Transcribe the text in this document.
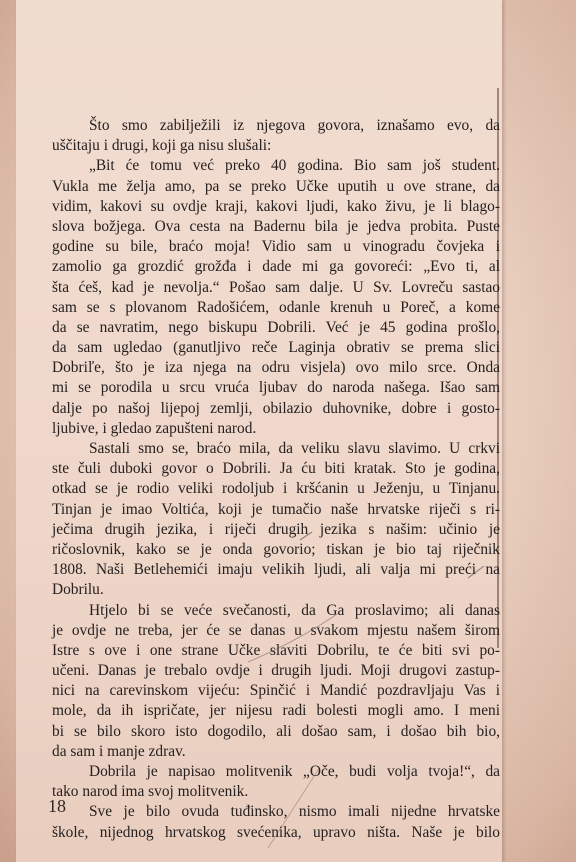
Što smo zabilježili iz njegova govora, iznašamo evo, da
uščitaju i drugi, koji ga nisu slušali:
„Bit će tomu već preko 40 godina. Bio sam još student.
Vukla me želja amo, pa se preko Učke uputih u ove strane, da
vidim, kakovi su ovdje kraji, kakovi ljudi, kako živu, je li blago-
slova božjega. Ova cesta na Badernu bila je jedva probita. Puste
godine su bile, braćo moja! Vidio sam u vinogradu čovjeka i
zamolio ga grozdić grožđa i dade mi ga govoreći: „Evo ti, al
šta ćeš, kad je nevolja.“ Pošao sam dalje. U Sv. Lovreču sastao
sam se s plovanom Radošićem, odanle krenuh u Poreč, a kome
da se navratim, nego biskupu Dobrili. Već je 45 godina prošlo,
da sam ugledao (ganutljivo reče Laginja obrativ se prema slici
Dobriľe, što je iza njega na odru visjela) ovo milo srce. Onda
mi se porodila u srcu vruća ljubav do naroda našega. Išao sam
dalje po našoj lijepoj zemlji, obilazio duhovnike, dobre i gosto-
ljubive, i gledao zapušteni narod.
Sastali smo se, braćo mila, da veliku slavu slavimo. U crkvi
ste čuli duboki govor o Dobrili. Ja ću biti kratak. Sto je godina,
otkad se je rodio veliki rodoljub i kršćanin u Ježenju, u Tinjanu.
Tinjan je imao Voltića, koji je tumačio naše hrvatske riječi s ri-
ječima drugih jezika, i riječi drugih jezika s našim: učinio je
ričoslovnik, kako se je onda govorio; tiskan je bio taj riječnik
1808. Naši Betlehemići imaju velikih ljudi, ali valja mi preći na
Dobrilu.
Htjelo bi se veće svečanosti, da Ga proslavimo; ali danas
je ovdje ne treba, jer će se danas u svakom mjestu našem širom
Istre s ove i one strane Učke slaviti Dobrilu, te će biti svi po-
učeni. Danas je trebalo ovdje i drugih ljudi. Moji drugovi zastup-
nici na carevinskom vijeću: Spinčić i Mandić pozdravljaju Vas i
mole, da ih ispričate, jer nijesu radi bolesti mogli amo. I meni
bi se bilo skoro isto dogodilo, ali došao sam, i došao bih bio,
da sam i manje zdrav.
Dobrila je napisao molitvenik „Oče, budi volja tvoja!“, da
tako narod ima svoj molitvenik.
Sve je bilo ovuda tuđinsko, nismo imali nijedne hrvatske
škole, nijednog hrvatskog svećenika, upravo ništa. Naše je bilo
18
